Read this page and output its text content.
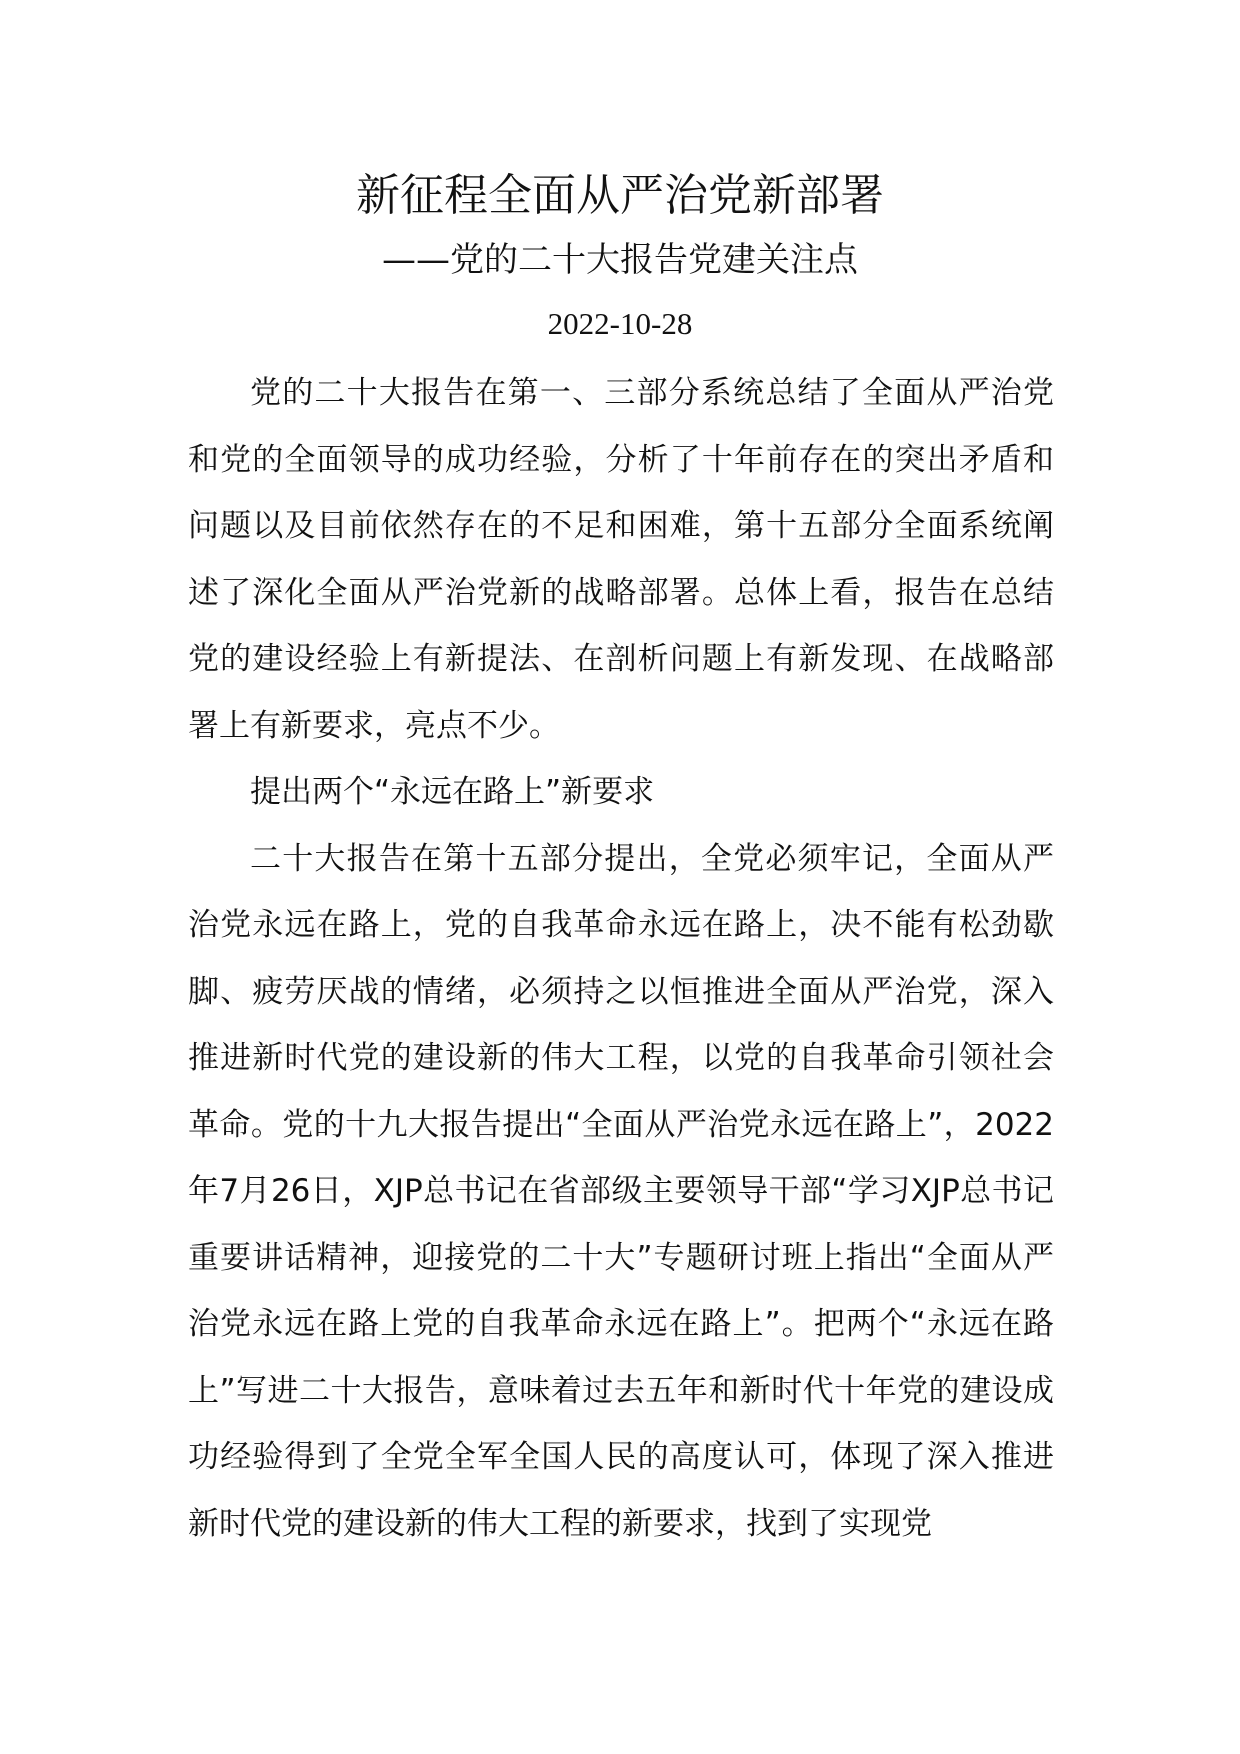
新征程全面从严治党新部署
——党的二十大报告党建关注点
2022-10-28

党的二十大报告在第一、三部分系统总结了全面从严治党和党的全面领导的成功经验，分析了十年前存在的突出矛盾和问题以及目前依然存在的不足和困难，第十五部分全面系统阐述了深化全面从严治党新的战略部署。总体上看，报告在总结党的建设经验上有新提法、在剖析问题上有新发现、在战略部署上有新要求，亮点不少。

提出两个“永远在路上”新要求

二十大报告在第十五部分提出，全党必须牢记，全面从严治党永远在路上，党的自我革命永远在路上，决不能有松劲歇脚、疲劳厌战的情绪，必须持之以恒推进全面从严治党，深入推进新时代党的建设新的伟大工程，以党的自我革命引领社会革命。党的十九大报告提出“全面从严治党永远在路上”，2022年7月26日，XJP总书记在省部级主要领导干部“学习XJP总书记重要讲话精神，迎接党的二十大”专题研讨班上指出“全面从严治党永远在路上党的自我革命永远在路上”。把两个“永远在路上”写进二十大报告，意味着过去五年和新时代十年党的建设成功经验得到了全党全军全国人民的高度认可，体现了深入推进新时代党的建设新的伟大工程的新要求，找到了实现党
